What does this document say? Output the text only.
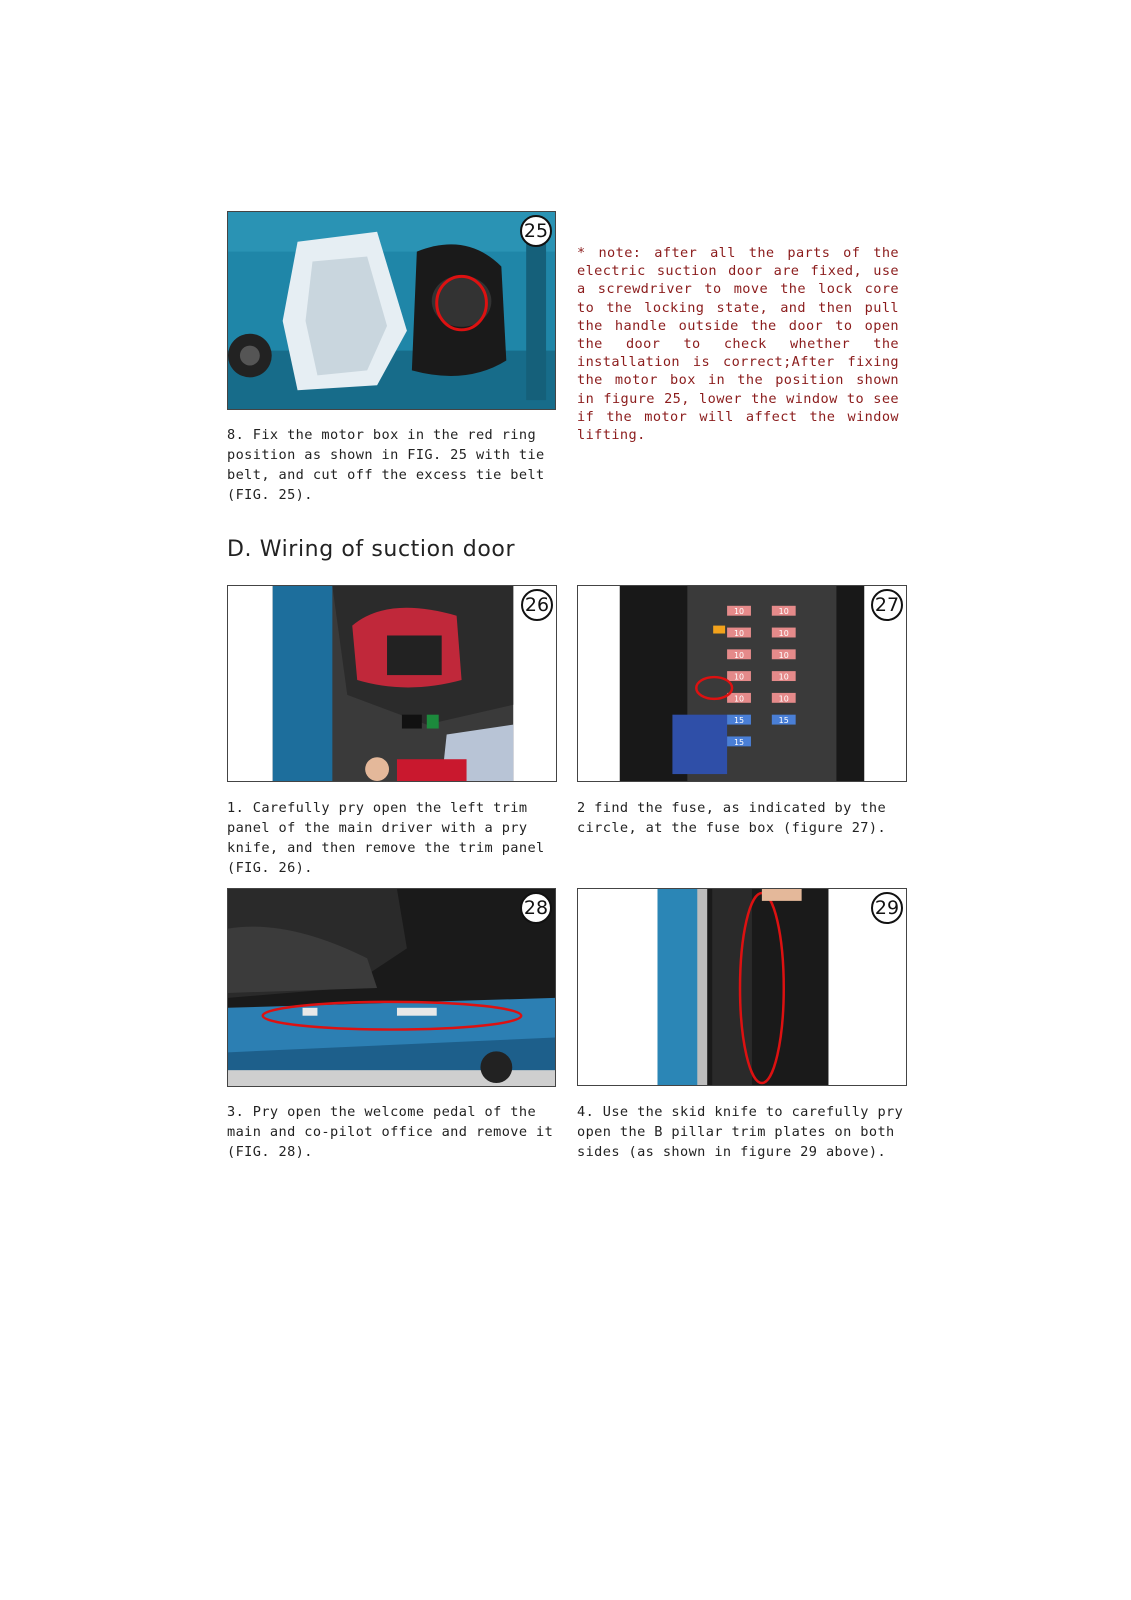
25
8. Fix the motor box in the red ring
position as shown in FIG. 25 with tie
belt, and cut off the excess tie belt
(FIG. 25).
* note: after all the parts of the electric suction door are fixed, use a screwdriver to move the lock core to the locking state, and then pull the handle outside the door to open the door to check whether the installation is correct;After fixing the motor box in the position shown in figure 25, lower the window to see if the motor will affect the window lifting.
D. Wiring of suction door
26
1. Carefully pry open the left trim
panel of the main driver with a pry
knife, and then remove the trim panel
(FIG. 26).
10	10
10	10
10	10
10	10
10	10
15	15
15
27
2 find the fuse, as indicated by the
circle, at the fuse box (figure 27).
28
3. Pry open the welcome pedal of the
main and co-pilot office and remove it
(FIG. 28).
29
4. Use the skid knife to carefully pry
open the B pillar trim plates on both
sides (as shown in figure 29 above).
